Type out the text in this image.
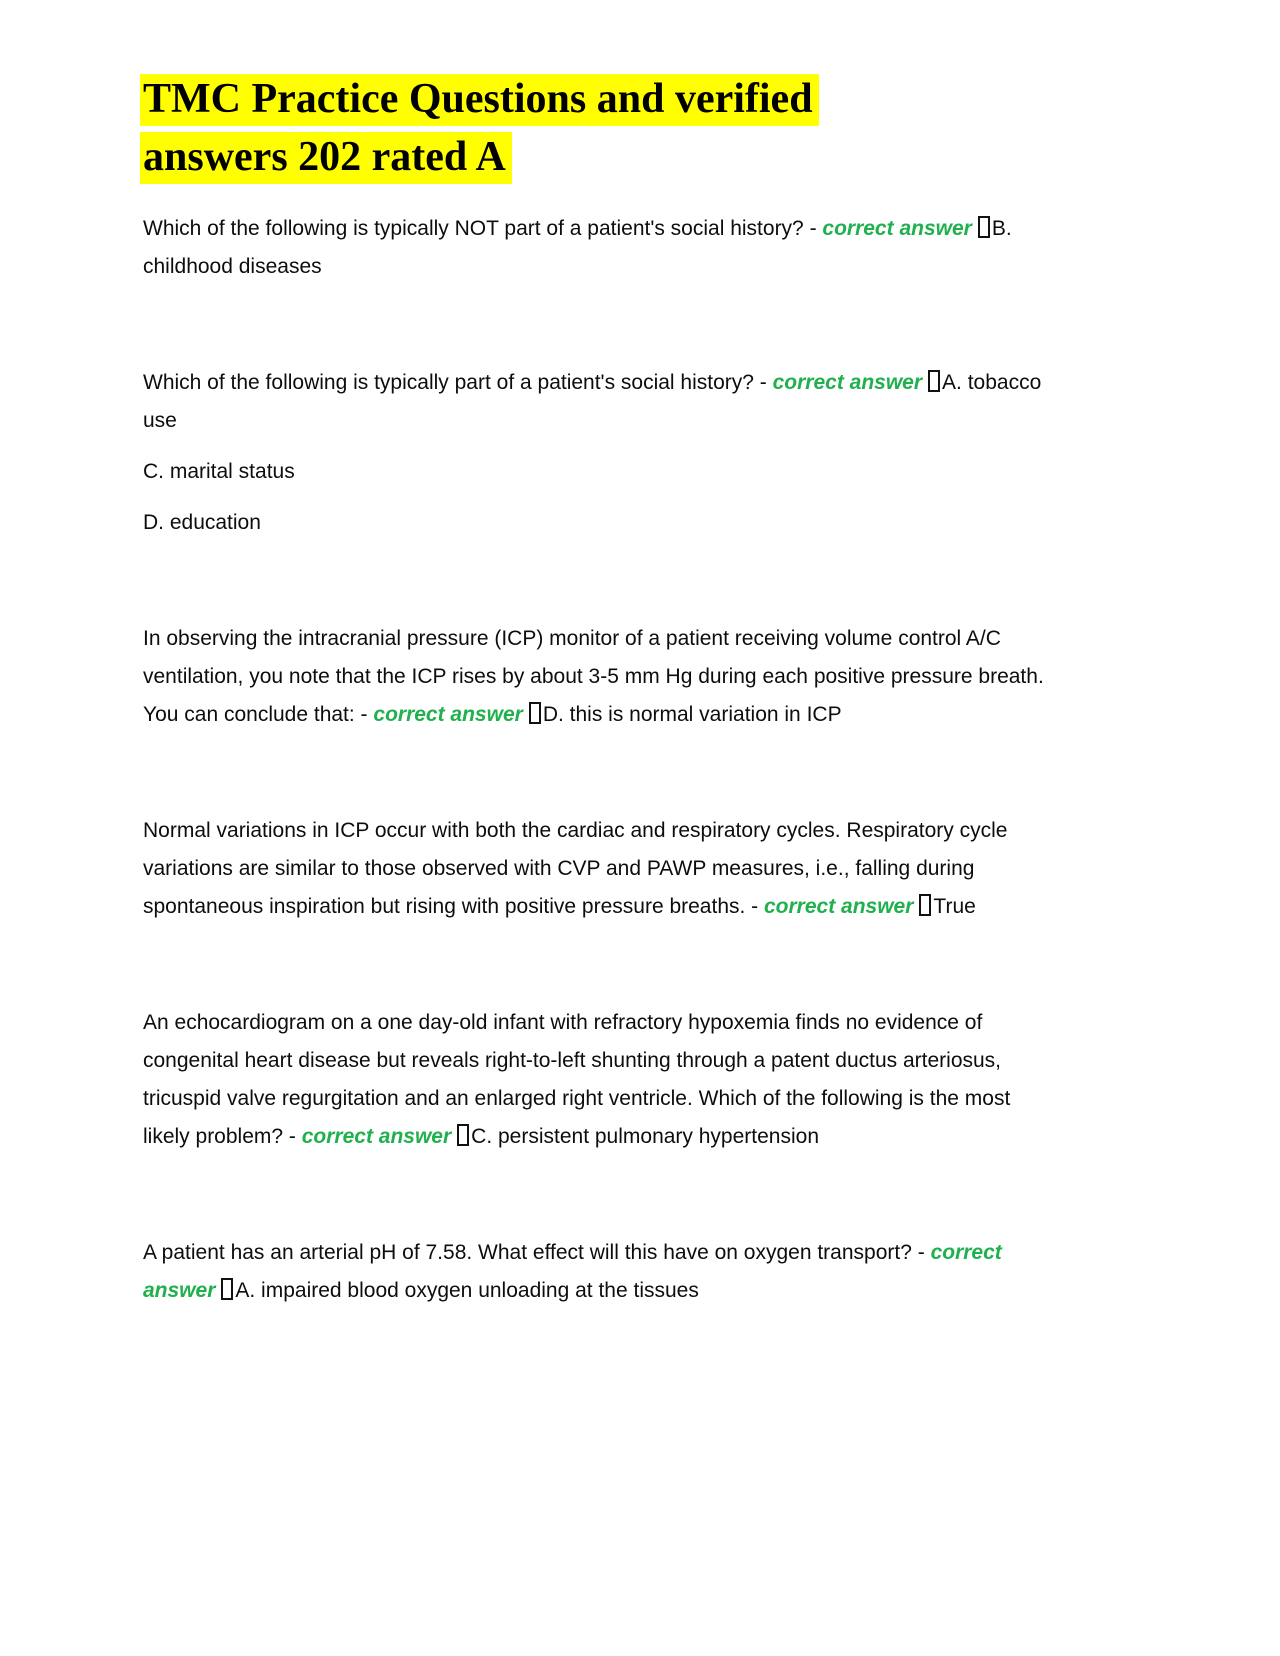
TMC Practice Questions and verified
answers 202 rated A

Which of the following is typically NOT part of a patient's social history? - correct answer B. childhood diseases

Which of the following is typically part of a patient's social history? - correct answer A. tobacco use

C. marital status

D. education

In observing the intracranial pressure (ICP) monitor of a patient receiving volume control A/C ventilation, you note that the ICP rises by about 3-5 mm Hg during each positive pressure breath. You can conclude that: - correct answer D. this is normal variation in ICP

Normal variations in ICP occur with both the cardiac and respiratory cycles. Respiratory cycle variations are similar to those observed with CVP and PAWP measures, i.e., falling during spontaneous inspiration but rising with positive pressure breaths. - correct answer True

An echocardiogram on a one day-old infant with refractory hypoxemia finds no evidence of congenital heart disease but reveals right-to-left shunting through a patent ductus arteriosus, tricuspid valve regurgitation and an enlarged right ventricle. Which of the following is the most likely problem? - correct answer C. persistent pulmonary hypertension

A patient has an arterial pH of 7.58. What effect will this have on oxygen transport? - correct answer A. impaired blood oxygen unloading at the tissues
